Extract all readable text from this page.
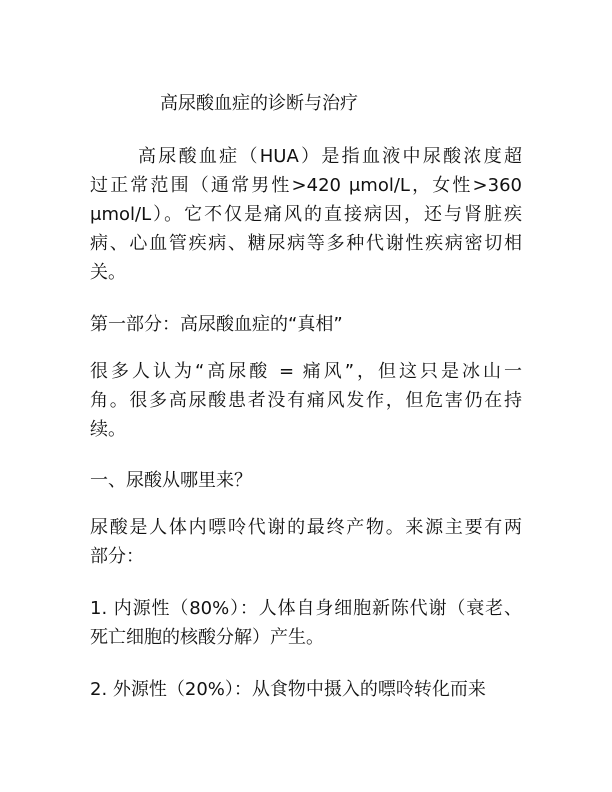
高尿酸血症的诊断与治疗

高尿酸血症（HUA）是指血液中尿酸浓度超
过正常范围（通常男性>420 μmol/L，女性>360
μmol/L）。它不仅是痛风的直接病因，还与肾脏疾
病、心血管疾病、糖尿病等多种代谢性疾病密切相
关。

第一部分：高尿酸血症的“真相”

很多人认为“高尿酸 = 痛风”，但这只是冰山一
角。很多高尿酸患者没有痛风发作，但危害仍在持
续。

一、尿酸从哪里来？

尿酸是人体内嘌呤代谢的最终产物。来源主要有两
部分：

1. 内源性（80%）：人体自身细胞新陈代谢（衰老、
死亡细胞的核酸分解）产生。

2. 外源性（20%）：从食物中摄入的嘌呤转化而来
